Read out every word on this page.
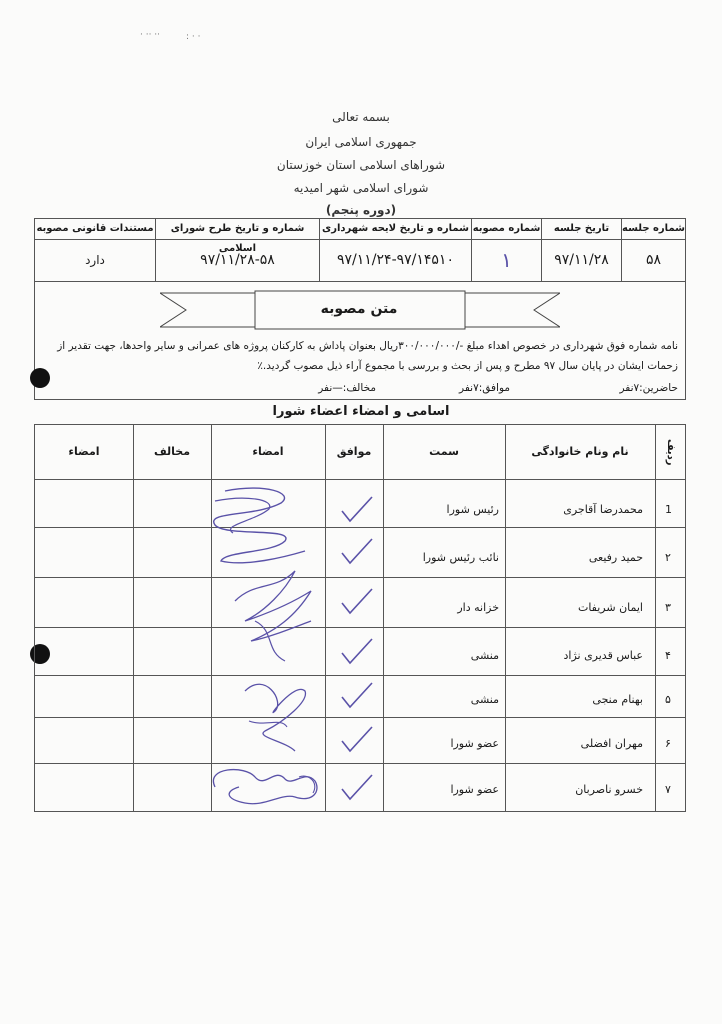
· ⋅⋅ ··	: · ⋅
بسمه تعالی
جمهوری اسلامی ایران
شوراهای اسلامی استان خوزستان
شورای اسلامی شهر امیدیه
(دوره پنجم)
شماره جلسه
۵۸
تاریخ جلسه
۹۷/۱۱/۲۸
شماره مصوبه
۱
شماره و تاریخ لایحه شهرداری
۹۷/۱۱/۲۴-۹۷/۱۴۵۱۰
شماره و تاریخ طرح شورای اسلامی
۹۷/۱۱/۲۸-۵۸
مستندات قانونی مصوبه
دارد
متن مصوبه
نامه شماره فوق شهرداری در خصوص اهداء مبلغ -/۳۰۰/۰۰۰/۰۰۰ریال بعنوان پاداش به کارکنان پروژه های عمرانی و سایر واحدها، جهت تقدیر از
زحمات ایشان در پایان سال ۹۷ مطرح و پس از بحث و بررسی با مجموع آراء ذیل مصوب گردید.٪
حاضرین:٧نفر
موافق:٧نفر
مخالف:—نفر
اسامی و امضاء اعضاء شورا
ردیف
نام ونام خانوادگی
سمت
موافق
امضاء
مخالف
امضاء
1
محمدرضا آقاجری
رئیس شورا
۲
حمید رفیعی
نائب رئیس شورا
۳
ایمان شریفات
خزانه دار
۴
عباس قدیری نژاد
منشی
۵
بهنام منجی
منشی
۶
مهران افضلی
عضو شورا
۷
خسرو ناصربان
عضو شورا
